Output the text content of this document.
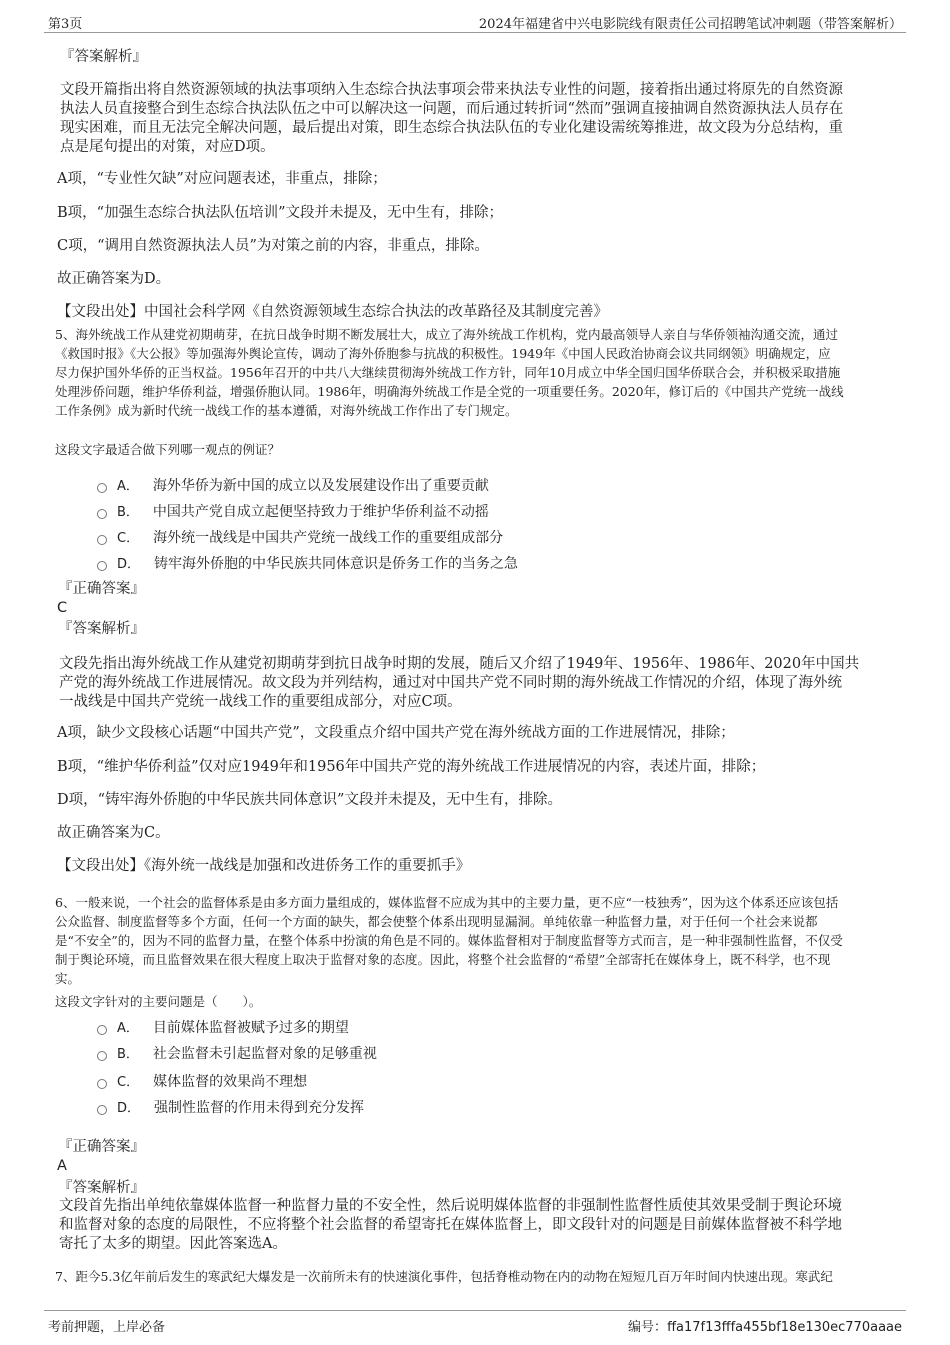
第3页	2024年福建省中兴电影院线有限责任公司招聘笔试冲刺题（带答案解析）

『答案解析』

文段开篇指出将自然资源领域的执法事项纳入生态综合执法事项会带来执法专业性的问题，接着指出通过将原先的自然资源
执法人员直接整合到生态综合执法队伍之中可以解决这一问题，而后通过转折词“然而”强调直接抽调自然资源执法人员存在
现实困难，而且无法完全解决问题，最后提出对策，即生态综合执法队伍的专业化建设需统筹推进，故文段为分总结构，重
点是尾句提出的对策，对应D项。

A项，“专业性欠缺”对应问题表述，非重点，排除；

B项，“加强生态综合执法队伍培训”文段并未提及，无中生有，排除；

C项，“调用自然资源执法人员”为对策之前的内容，非重点，排除。

故正确答案为D。

【文段出处】中国社会科学网《自然资源领域生态综合执法的改革路径及其制度完善》

5、海外统战工作从建党初期萌芽，在抗日战争时期不断发展壮大，成立了海外统战工作机构，党内最高领导人亲自与华侨领袖沟通交流，通过
《救国时报》《大公报》等加强海外舆论宣传，调动了海外侨胞参与抗战的积极性。1949年《中国人民政治协商会议共同纲领》明确规定，应
尽力保护国外华侨的正当权益。1956年召开的中共八大继续贯彻海外统战工作方针，同年10月成立中华全国归国华侨联合会，并积极采取措施
处理涉侨问题，维护华侨利益，增强侨胞认同。1986年，明确海外统战工作是全党的一项重要任务。2020年，修订后的《中国共产党统一战线
工作条例》成为新时代统一战线工作的基本遵循，对海外统战工作作出了专门规定。

这段文字最适合做下列哪一观点的例证？

A． 海外华侨为新中国的成立以及发展建设作出了重要贡献
B． 中国共产党自成立起便坚持致力于维护华侨利益不动摇
C． 海外统一战线是中国共产党统一战线工作的重要组成部分
D． 铸牢海外侨胞的中华民族共同体意识是侨务工作的当务之急

『正确答案』

C

『答案解析』

文段先指出海外统战工作从建党初期萌芽到抗日战争时期的发展，随后又介绍了1949年、1956年、1986年、2020年中国共
产党的海外统战工作进展情况。故文段为并列结构，通过对中国共产党不同时期的海外统战工作情况的介绍，体现了海外统
一战线是中国共产党统一战线工作的重要组成部分，对应C项。

A项，缺少文段核心话题“中国共产党”，文段重点介绍中国共产党在海外统战方面的工作进展情况，排除；

B项，“维护华侨利益”仅对应1949年和1956年中国共产党的海外统战工作进展情况的内容，表述片面，排除；

D项，“铸牢海外侨胞的中华民族共同体意识”文段并未提及，无中生有，排除。

故正确答案为C。

【文段出处】《海外统一战线是加强和改进侨务工作的重要抓手》

6、一般来说，一个社会的监督体系是由多方面力量组成的，媒体监督不应成为其中的主要力量，更不应“一枝独秀”，因为这个体系还应该包括
公众监督、制度监督等多个方面，任何一个方面的缺失，都会使整个体系出现明显漏洞。单纯依靠一种监督力量，对于任何一个社会来说都
是“不安全”的，因为不同的监督力量，在整个体系中扮演的角色是不同的。媒体监督相对于制度监督等方式而言，是一种非强制性监督，不仅受
制于舆论环境，而且监督效果在很大程度上取决于监督对象的态度。因此，将整个社会监督的“希望”全部寄托在媒体身上，既不科学，也不现
实。

这段文字针对的主要问题是（　　）。

A． 目前媒体监督被赋予过多的期望
B． 社会监督未引起监督对象的足够重视
C． 媒体监督的效果尚不理想
D． 强制性监督的作用未得到充分发挥

『正确答案』

A

『答案解析』

文段首先指出单纯依靠媒体监督一种监督力量的不安全性，然后说明媒体监督的非强制性监督性质使其效果受制于舆论环境
和监督对象的态度的局限性，不应将整个社会监督的希望寄托在媒体监督上，即文段针对的问题是目前媒体监督被不科学地
寄托了太多的期望。因此答案选A。

7、距今5.3亿年前后发生的寒武纪大爆发是一次前所未有的快速演化事件，包括脊椎动物在内的动物在短短几百万年时间内快速出现。寒武纪

考前押题，上岸必备	编号：ffa17f13fffa455bf18e130ec770aaae
